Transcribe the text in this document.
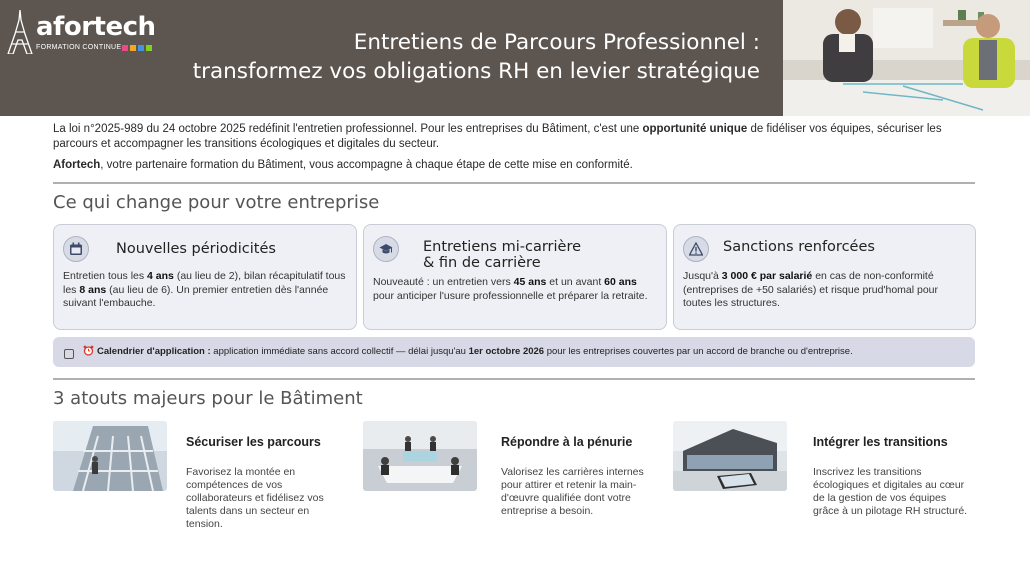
afortech
FORMATION CONTINUE	Entretiens de Parcours Professionnel :
transformez vos obligations RH en levier stratégique

La loi n°2025-989 du 24 octobre 2025 redéfinit l'entretien professionnel. Pour les entreprises du Bâtiment, c'est une opportunité unique de fidéliser vos équipes, sécuriser les parcours et accompagner les transitions écologiques et digitales du secteur.

Afortech, votre partenaire formation du Bâtiment, vous accompagne à chaque étape de cette mise en conformité.

Ce qui change pour votre entreprise
Nouvelles périodicités
Entretien tous les 4 ans (au lieu de 2), bilan récapitulatif tous les 8 ans (au lieu de 6). Un premier entretien dès l'année suivant l'embauche.
Entretiens mi-carrière
& fin de carrière
Nouveauté : un entretien vers 45 ans et un avant 60 ans pour anticiper l'usure professionnelle et préparer la retraite.
Sanctions renforcées
Jusqu'à 3 000 € par salarié en cas de non-conformité (entreprises de +50 salariés) et risque prud'homal pour toutes les structures.
Calendrier d'application : application immédiate sans accord collectif — délai jusqu'au 1er octobre 2026 pour les entreprises couvertes par un accord de branche ou d'entreprise.
3 atouts majeurs pour le Bâtiment
Sécuriser les parcours
Favorisez la montée en compétences de vos collaborateurs et fidélisez vos talents dans un secteur en tension.
Répondre à la pénurie
Valorisez les carrières internes pour attirer et retenir la main-d'œuvre qualifiée dont votre entreprise a besoin.
Intégrer les transitions
Inscrivez les transitions écologiques et digitales au cœur de la gestion de vos équipes grâce à un pilotage RH structuré.
